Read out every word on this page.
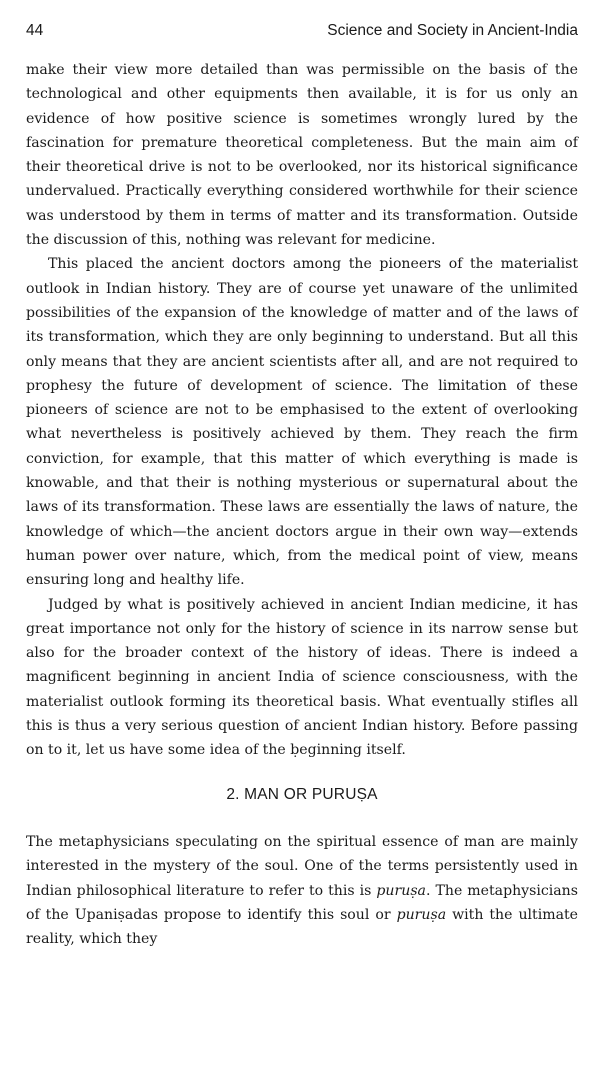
44	Science and Society in Ancient-India

make their view more detailed than was permissible on the basis of the technological and other equipments then available, it is for us only an evidence of how positive science is sometimes wrongly lured by the fascination for premature theoretical completeness. But the main aim of their theoretical drive is not to be overlooked, nor its historical significance undervalued. Practically everything considered worthwhile for their science was understood by them in terms of matter and its transformation. Outside the discussion of this, nothing was relevant for medicine.

This placed the ancient doctors among the pioneers of the materialist outlook in Indian history. They are of course yet unaware of the unlimited possibilities of the expansion of the knowledge of matter and of the laws of its transformation, which they are only beginning to understand. But all this only means that they are ancient scientists after all, and are not required to prophesy the future of development of science. The limitation of these pioneers of science are not to be emphasised to the extent of overlooking what nevertheless is positively achieved by them. They reach the firm conviction, for example, that this matter of which everything is made is knowable, and that their is nothing mysterious or supernatural about the laws of its transformation. These laws are essentially the laws of nature, the knowledge of which—the ancient doctors argue in their own way—extends human power over nature, which, from the medical point of view, means ensuring long and healthy life.

Judged by what is positively achieved in ancient Indian medicine, it has great importance not only for the history of science in its narrow sense but also for the broader context of the history of ideas. There is indeed a magnificent beginning in ancient India of science consciousness, with the materialist outlook forming its theoretical basis. What eventually stifles all this is thus a very serious question of ancient Indian history. Before passing on to it, let us have some idea of the ḅeginning itself.

2. MAN OR PURUṢA

The metaphysicians speculating on the spiritual essence of man are mainly interested in the mystery of the soul. One of the terms persistently used in Indian philosophical literature to refer to this is puruṣa. The metaphysicians of the Upaniṣadas propose to identify this soul or puruṣa with the ultimate reality, which they
